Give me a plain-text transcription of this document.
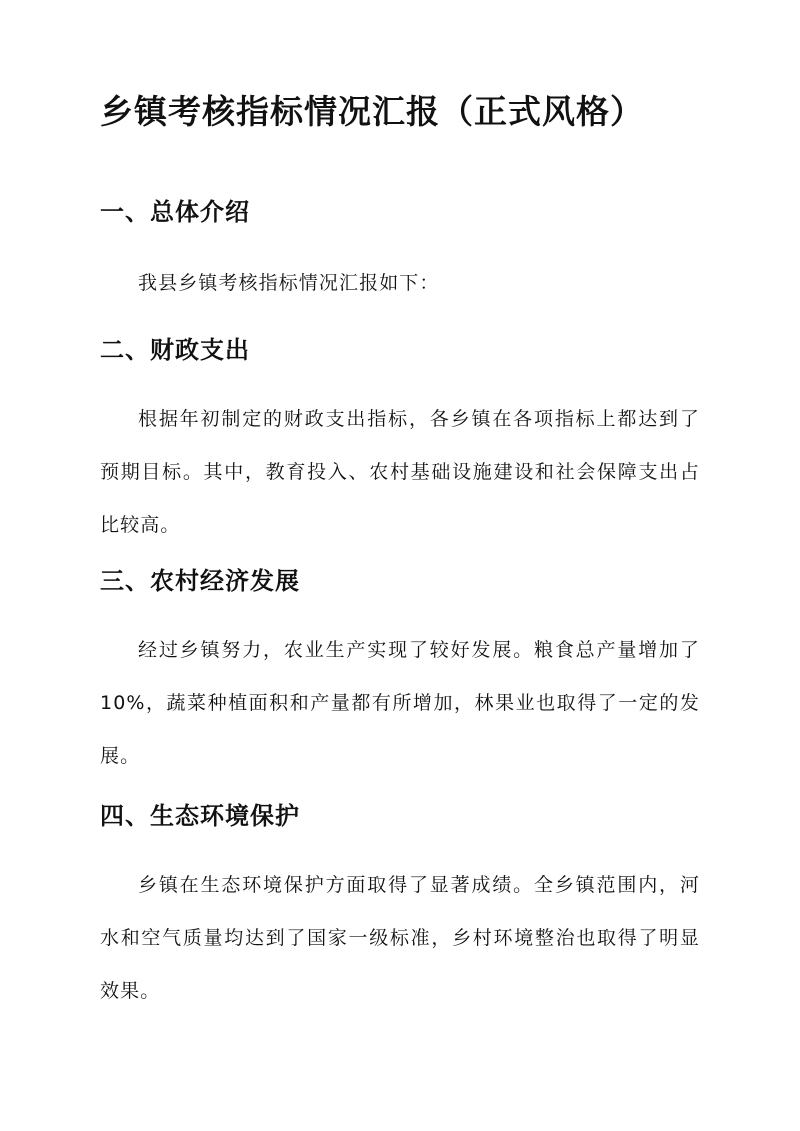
乡镇考核指标情况汇报（正式风格）
一、总体介绍

我县乡镇考核指标情况汇报如下：

二、财政支出

根据年初制定的财政支出指标，各乡镇在各项指标上都达到了预期目标。其中，教育投入、农村基础设施建设和社会保障支出占比较高。

三、农村经济发展

经过乡镇努力，农业生产实现了较好发展。粮食总产量增加了10%，蔬菜种植面积和产量都有所增加，林果业也取得了一定的发展。

四、生态环境保护

乡镇在生态环境保护方面取得了显著成绩。全乡镇范围内，河水和空气质量均达到了国家一级标准，乡村环境整治也取得了明显效果。
